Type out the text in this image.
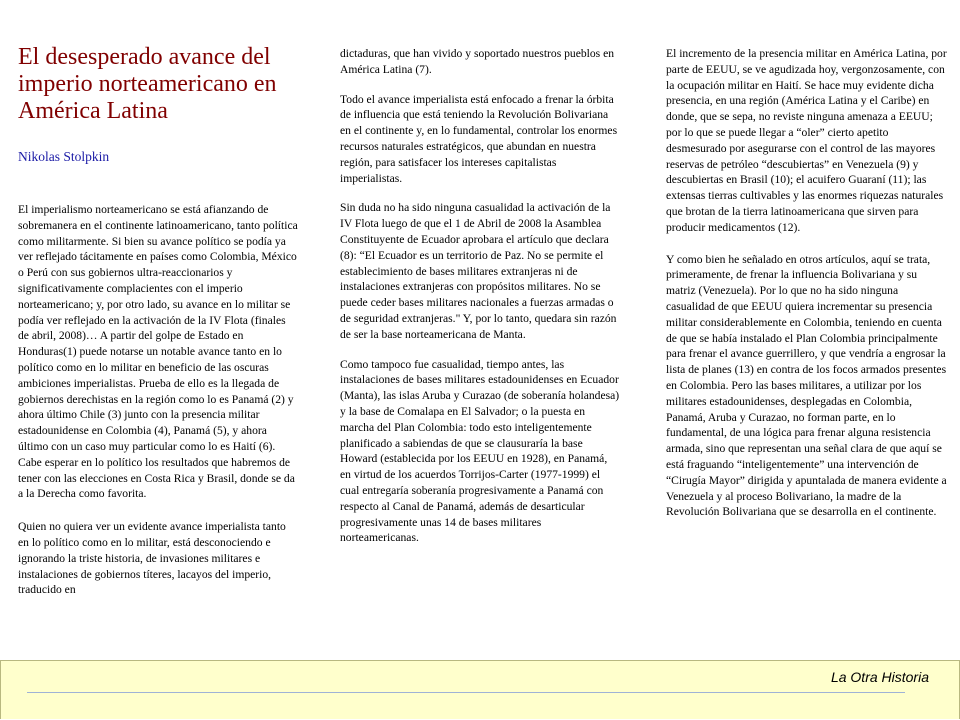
El desesperado avance del imperio norteamericano en América Latina

Nikolas Stolpkin

El imperialismo norteamericano se está afianzando de sobremanera en el continente latinoamericano, tanto política como militarmente. Si bien su avance político se podía ya ver reflejado tácitamente en países como Colombia, México o Perú con sus gobiernos ultra-reaccionarios y significativamente complacientes con el imperio norteamericano; y, por otro lado, su avance en lo militar se podía ver reflejado en la activación de la IV Flota (finales de abril, 2008)… A partir del golpe de Estado en Honduras(1) puede notarse un notable avance tanto en lo político como en lo militar en beneficio de las oscuras ambiciones imperialistas. Prueba de ello es la llegada de gobiernos derechistas en la región como lo es Panamá (2) y ahora último Chile (3) junto con la presencia militar estadounidense en Colombia (4), Panamá (5), y ahora último con un caso muy particular como lo es Haití (6). Cabe esperar en lo político los resultados que habremos de tener con las elecciones en Costa Rica y Brasil, donde se da a la Derecha como favorita.

Quien no quiera ver un evidente avance imperialista tanto en lo político como en lo militar, está desconociendo e ignorando la triste historia, de invasiones militares e instalaciones de gobiernos títeres, lacayos del imperio, traducido en

dictaduras, que han vivido y soportado nuestros pueblos en América Latina (7).

Todo el avance imperialista está enfocado a frenar la órbita de influencia que está teniendo la Revolución Bolivariana en el continente y, en lo fundamental, controlar los enormes recursos naturales estratégicos, que abundan en nuestra región, para satisfacer los intereses capitalistas imperialistas.

Sin duda no ha sido ninguna casualidad la activación de la IV Flota luego de que el 1 de Abril de 2008 la Asamblea Constituyente de Ecuador aprobara el artículo que declara (8): “El Ecuador es un territorio de Paz. No se permite el establecimiento de bases militares extranjeras ni de instalaciones extranjeras con propósitos militares. No se puede ceder bases militares nacionales a fuerzas armadas o de seguridad extranjeras." Y, por lo tanto, quedara sin razón de ser la base norteamericana de Manta.

Como tampoco fue casualidad, tiempo antes, las instalaciones de bases militares estadounidenses en Ecuador (Manta), las islas Aruba y Curazao (de soberanía holandesa) y la base de Comalapa en El Salvador; o la puesta en marcha del Plan Colombia: todo esto inteligentemente planificado a sabiendas de que se clausuraría la base Howard (establecida por los EEUU en 1928), en Panamá, en virtud de los acuerdos Torrijos-Carter (1977-1999) el cual entregaría soberanía progresivamente a Panamá con respecto al Canal de Panamá, además de desarticular progresivamente unas 14 de bases militares norteamericanas.

El incremento de la presencia militar en América Latina, por parte de EEUU, se ve agudizada hoy, vergonzosamente, con la ocupación militar en Haití. Se hace muy evidente dicha presencia, en una región (América Latina y el Caribe) en donde, que se sepa, no reviste ninguna amenaza a EEUU; por lo que se puede llegar a “oler” cierto apetito desmesurado por asegurarse con el control de las mayores reservas de petróleo “descubiertas” en Venezuela (9) y descubiertas en Brasil (10); el acuifero Guaraní (11); las extensas tierras cultivables y las enormes riquezas naturales que brotan de la tierra latinoamericana que sirven para producir medicamentos (12).

Y como bien he señalado en otros artículos, aquí se trata, primeramente, de frenar la influencia Bolivariana y su matriz (Venezuela). Por lo que no ha sido ninguna casualidad de que EEUU quiera incrementar su presencia militar considerablemente en Colombia, teniendo en cuenta de que se había instalado el Plan Colombia principalmente para frenar el avance guerrillero, y que vendría a engrosar la lista de planes (13) en contra de los focos armados presentes en Colombia. Pero las bases militares, a utilizar por los militares estadounidenses, desplegadas en Colombia, Panamá, Aruba y Curazao, no forman parte, en lo fundamental, de una lógica para frenar alguna resistencia armada, sino que representan una señal clara de que aquí se está fraguando “inteligentemente” una intervención de “Cirugía Mayor” dirigida y apuntalada de manera evidente a Venezuela y al proceso Bolivariano, la madre de la Revolución Bolivariana que se desarrolla en el continente.

La Otra Historia
